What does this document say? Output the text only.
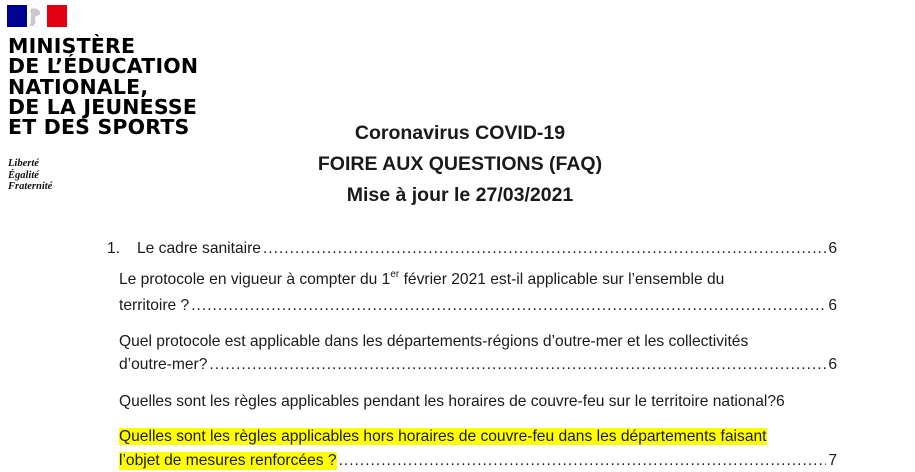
MINISTÈRE
DE L’ÉDUCATION
NATIONALE,
DE LA JEUNESSE
ET DES SPORTS
Liberté
Égalité
Fraternité
Coronavirus COVID-19
FOIRE AUX QUESTIONS (FAQ)
Mise à jour le 27/03/2021
1. Le cadre sanitaire .....	6
Le protocole en vigueur à compter du 1er février 2021 est-il applicable sur l’ensemble du
territoire ? .....	6
Quel protocole est applicable dans les départements-régions d’outre-mer et les collectivités
d’outre-mer? .....	6
Quelles sont les règles applicables pendant les horaires de couvre-feu sur le territoire national?6
Quelles sont les règles applicables hors horaires de couvre-feu dans les départements faisant
l’objet de mesures renforcées ? .....	7
